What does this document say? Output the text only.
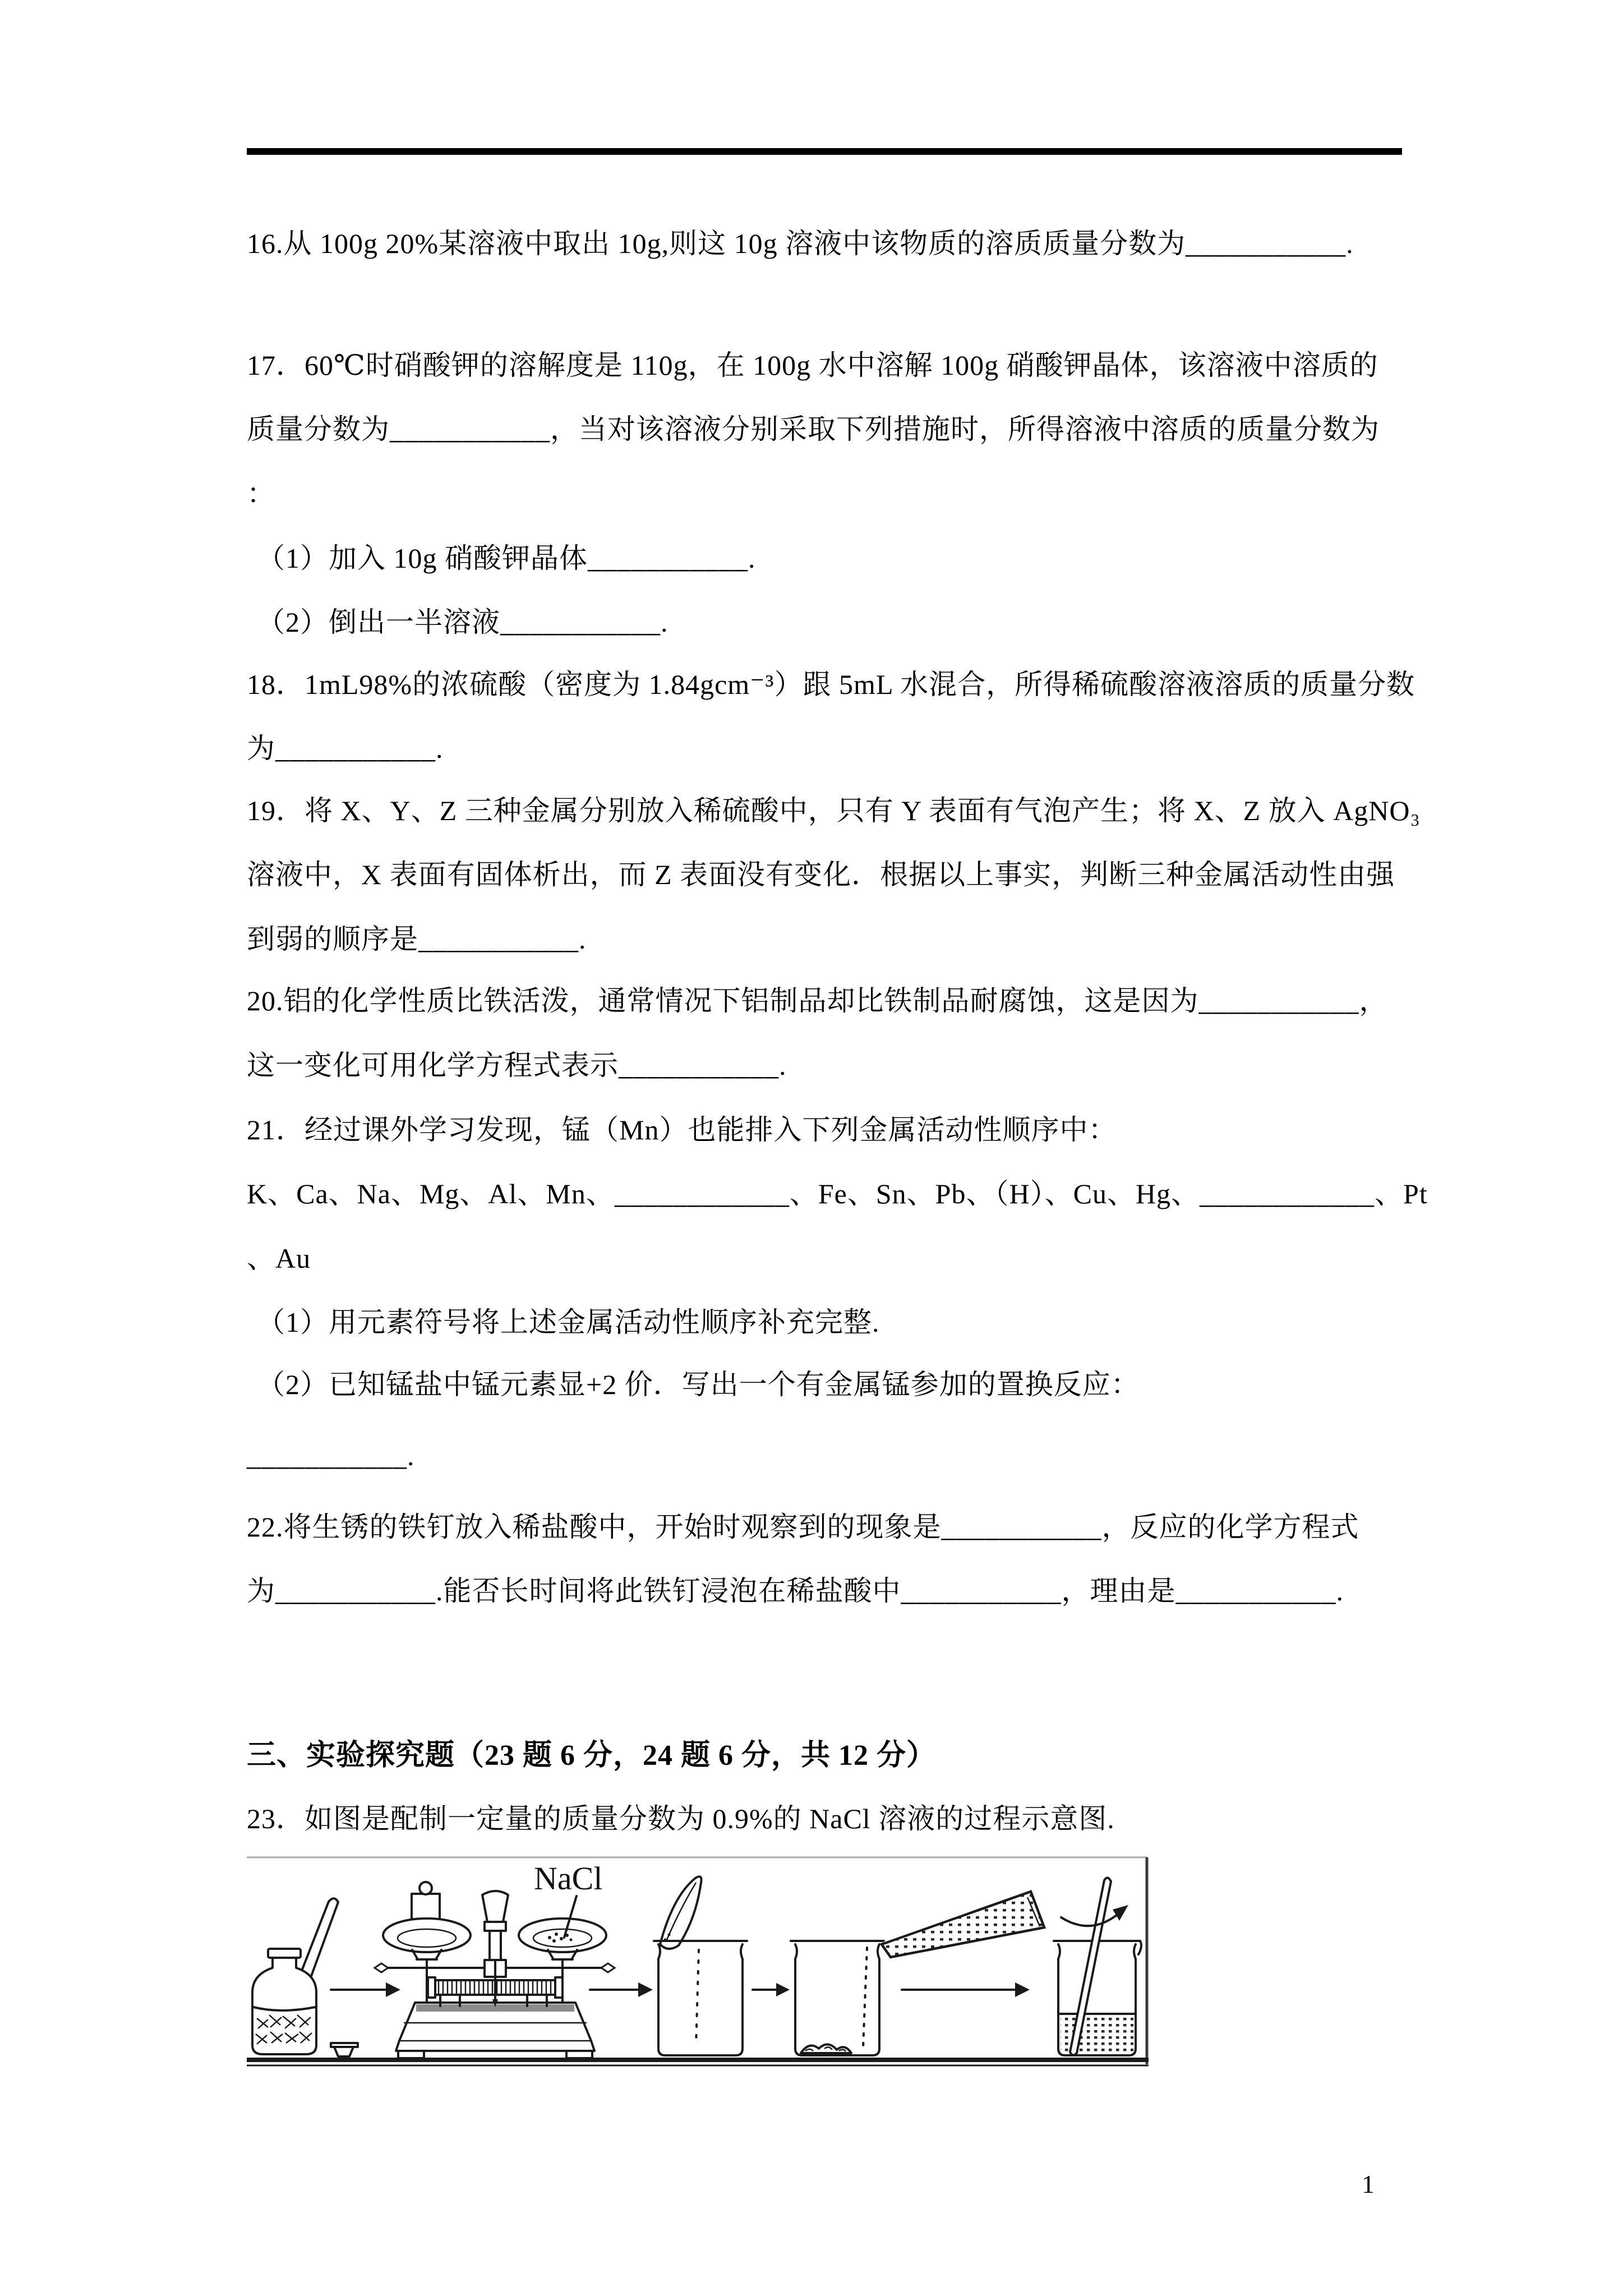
16.从 100g 20%某溶液中取出 10g,则这 10g 溶液中该物质的溶质质量分数为___________.
17．60℃时硝酸钾的溶解度是 110g，在 100g 水中溶解 100g 硝酸钾晶体，该溶液中溶质的
质量分数为___________，当对该溶液分别采取下列措施时，所得溶液中溶质的质量分数为
：
（1）加入 10g 硝酸钾晶体___________.
（2）倒出一半溶液___________.
18．1mL98%的浓硫酸（密度为 1.84gcm⁻³）跟 5mL 水混合，所得稀硫酸溶液溶质的质量分数
为___________.
19．将 X、Y、Z 三种金属分别放入稀硫酸中，只有 Y 表面有气泡产生；将 X、Z 放入 AgNO₃
溶液中，X 表面有固体析出，而 Z 表面没有变化．根据以上事实，判断三种金属活动性由强
到弱的顺序是___________.
20.铝的化学性质比铁活泼，通常情况下铝制品却比铁制品耐腐蚀，这是因为___________，
这一变化可用化学方程式表示___________.
21．经过课外学习发现，锰（Mn）也能排入下列金属活动性顺序中：
K、Ca、Na、Mg、Al、Mn、____________、Fe、Sn、Pb、（H）、Cu、Hg、____________、Pt
、Au
（1）用元素符号将上述金属活动性顺序补充完整.
（2）已知锰盐中锰元素显+2 价．写出一个有金属锰参加的置换反应：
___________.
22.将生锈的铁钉放入稀盐酸中，开始时观察到的现象是___________，反应的化学方程式
为___________.能否长时间将此铁钉浸泡在稀盐酸中___________，理由是___________.
三、实验探究题（23 题 6 分，24 题 6 分，共 12 分）
23．如图是配制一定量的质量分数为 0.9%的 NaCl 溶液的过程示意图.
NaCl
1
